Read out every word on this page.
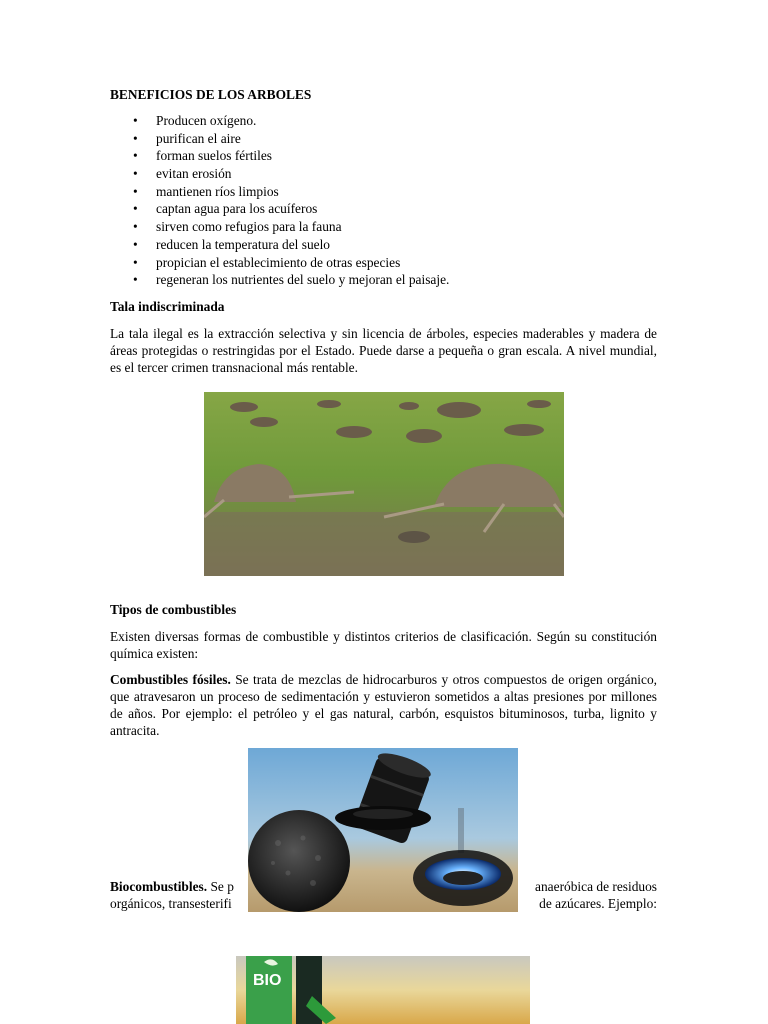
BENEFICIOS DE LOS ARBOLES
• Producen oxígeno.
• purifican el aire
• forman suelos fértiles
• evitan erosión
• mantienen ríos limpios
• captan agua para los acuíferos
• sirven como refugios para la fauna
• reducen la temperatura del suelo
• propician el establecimiento de otras especies
• regeneran los nutrientes del suelo y mejoran el paisaje.
Tala indiscriminada
La tala ilegal es la extracción selectiva y sin licencia de árboles, especies maderables y madera de áreas protegidas o restringidas por el Estado. Puede darse a pequeña o gran escala. A nivel mundial, es el tercer crimen transnacional más rentable.
Tipos de combustibles
Existen diversas formas de combustible y distintos criterios de clasificación. Según su constitución química existen:
Combustibles fósiles. Se trata de mezclas de hidrocarburos y otros compuestos de origen orgánico, que atravesaron un proceso de sedimentación y estuvieron sometidos a altas presiones por millones de años. Por ejemplo: el petróleo y el gas natural, carbón, esquistos bituminosos, turba, lignito y antracita.
Biocombustibles. Se p	anaeróbica de residuos
orgánicos, transesterifi	de azúcares. Ejemplo:
BIO
